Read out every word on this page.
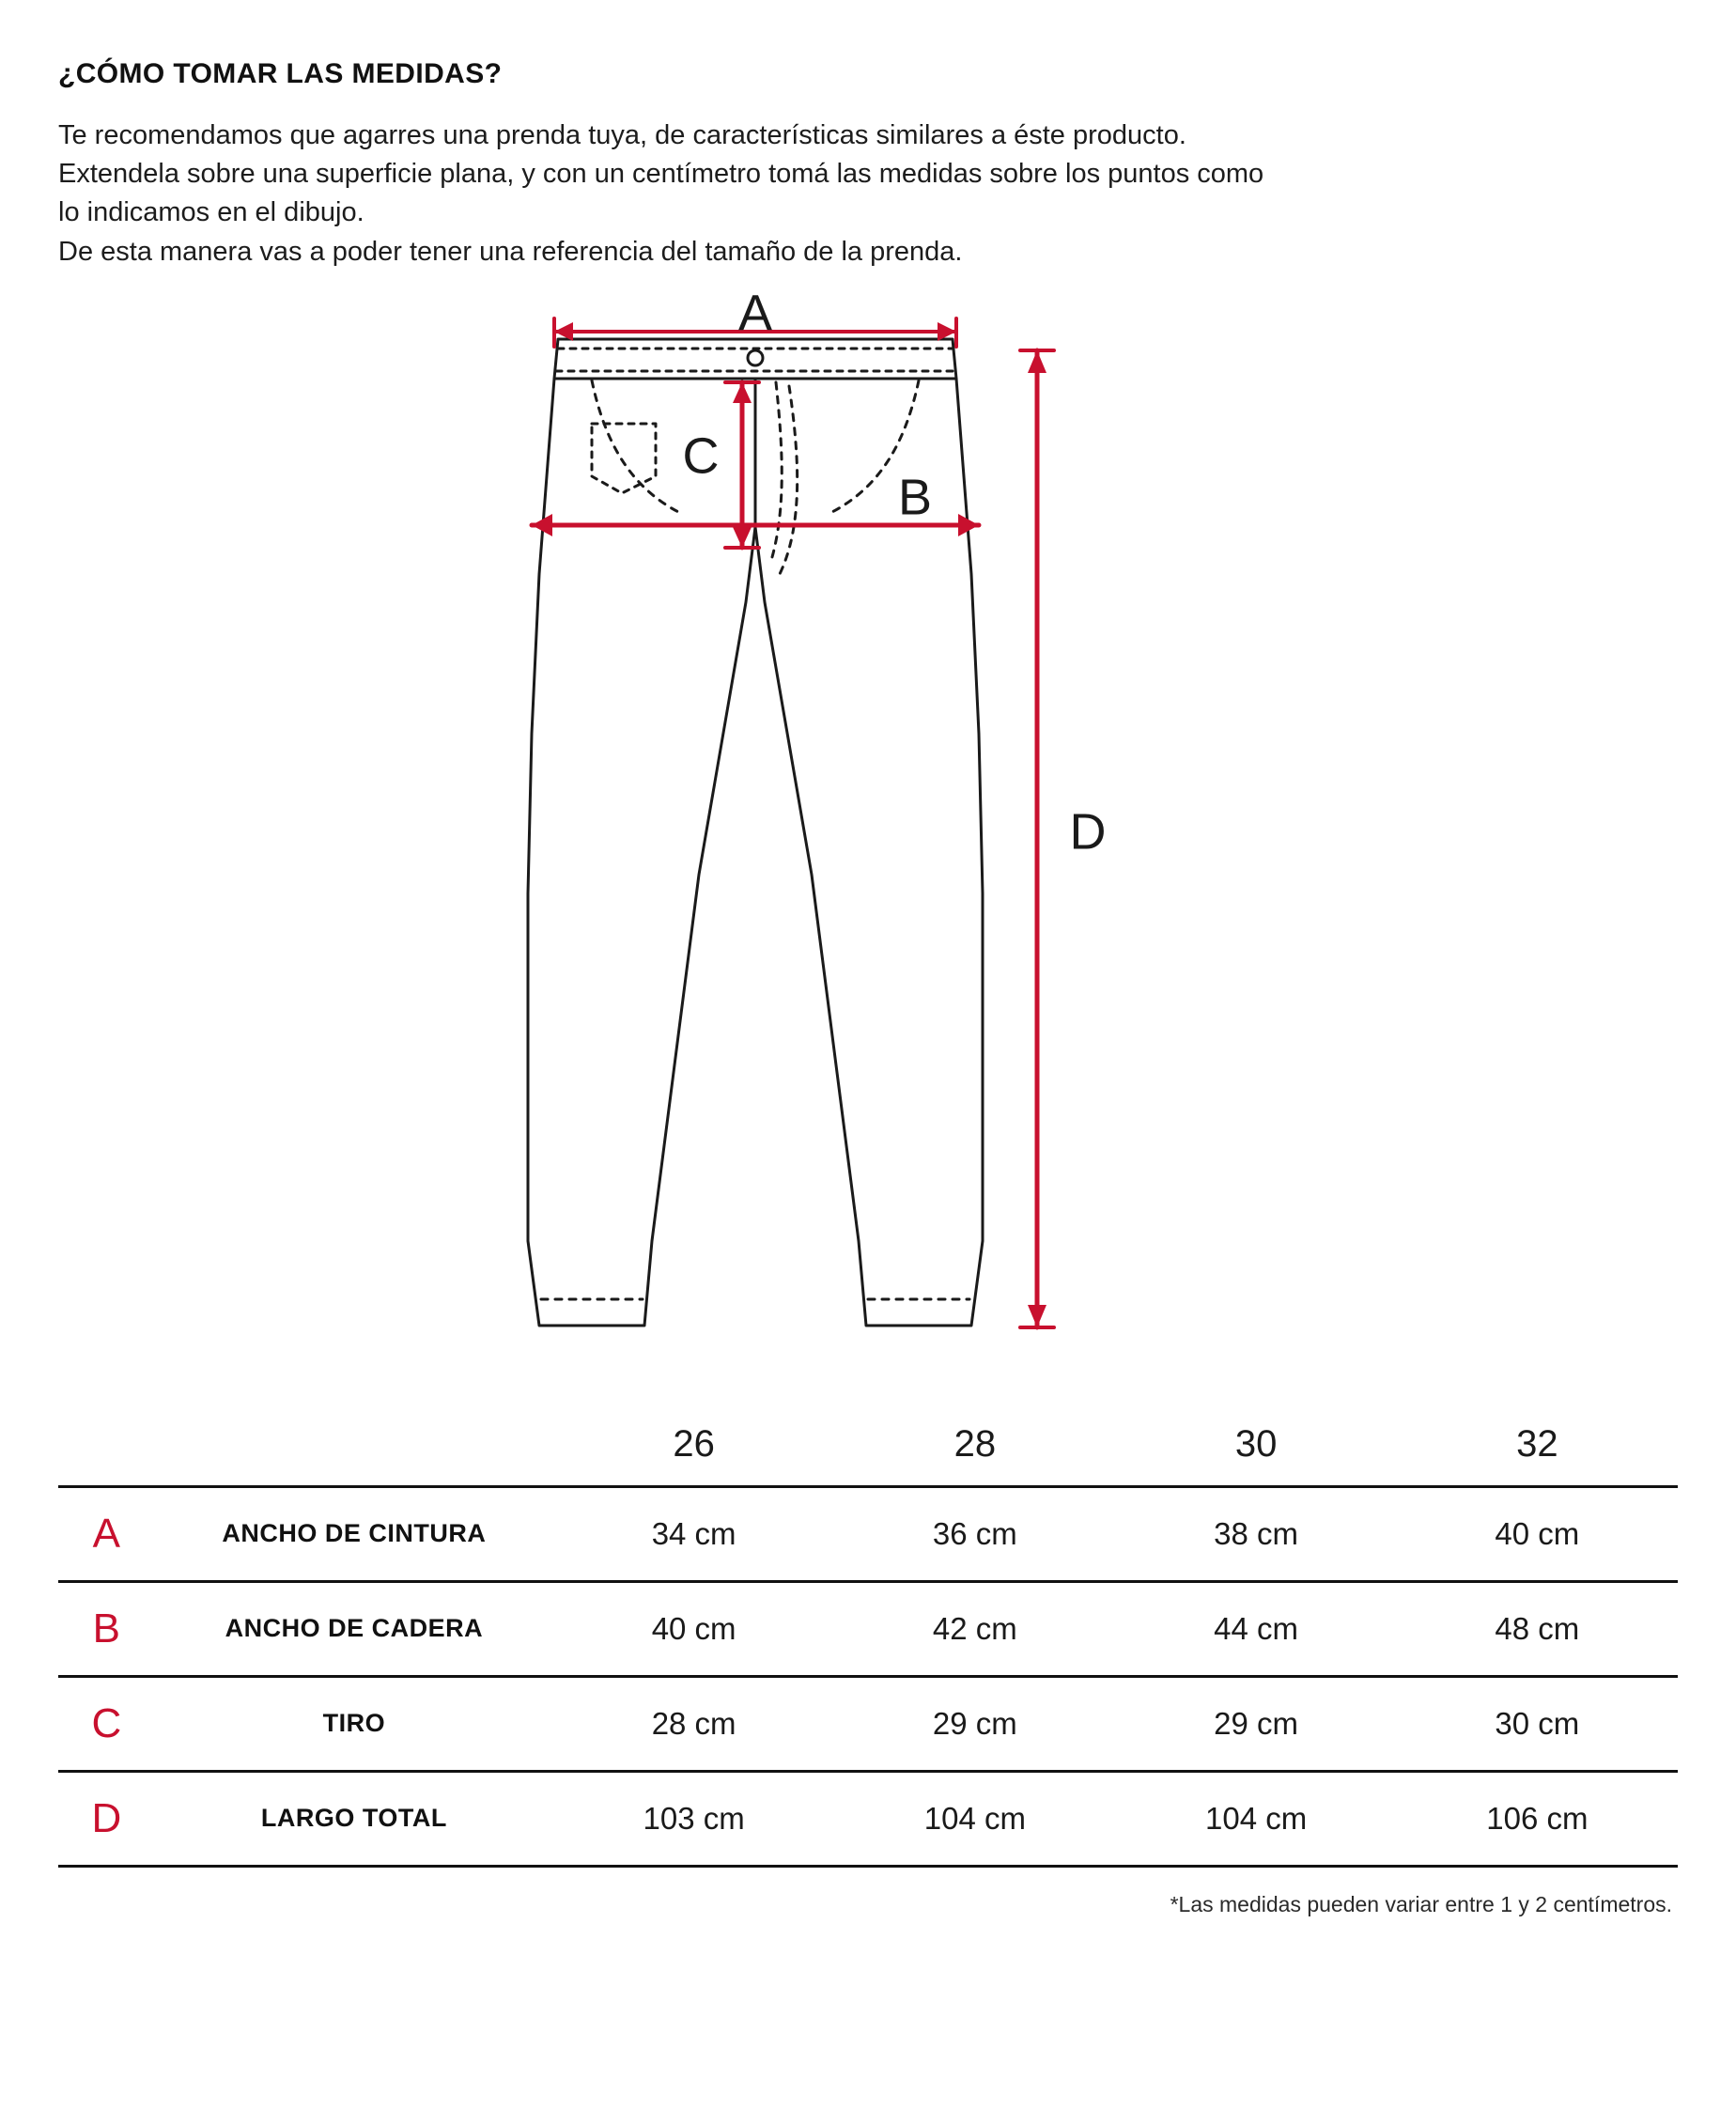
¿CÓMO TOMAR LAS MEDIDAS?

Te recomendamos que agarres una prenda tuya, de características similares a éste producto.

Extendela sobre una superficie plana, y con un centímetro tomá las medidas sobre los puntos como

lo indicamos en el dibujo.

De esta manera vas a poder tener una referencia del tamaño de la prenda.

A
B
C
D
		26	28	30	32
A	ANCHO DE CINTURA	34 cm	36 cm	38 cm	40 cm
B	ANCHO DE CADERA	40 cm	42 cm	44 cm	48 cm
C	TIRO	28 cm	29 cm	29 cm	30 cm
D	LARGO TOTAL	103 cm	104 cm	104 cm	106 cm
*Las medidas pueden variar entre 1 y 2 centímetros.
